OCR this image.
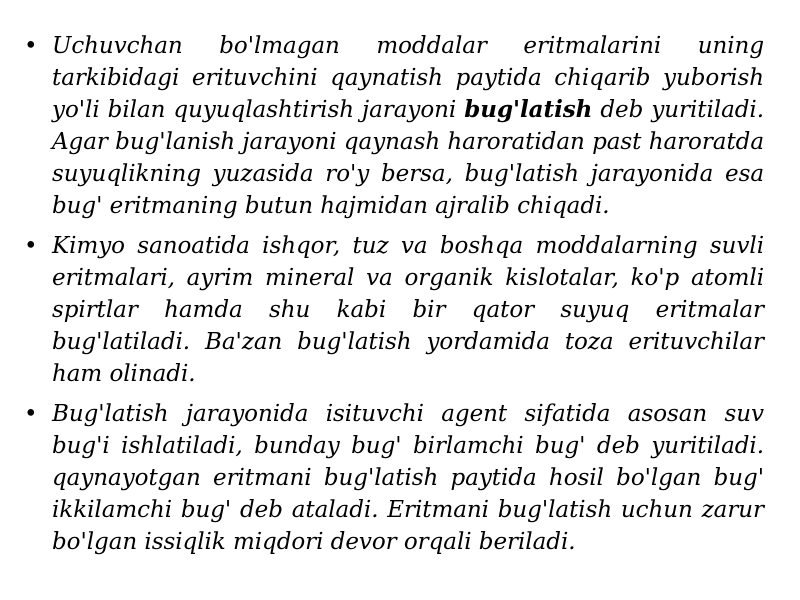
• Uchuvchan bo'lmagan moddalar eritmalarini uning tarkibidagi erituvchini qaynatish paytida chiqarib yuborish yo'li bilan quyuqlashtirish jarayoni bug'latish deb yuritiladi. Agar bug'lanish jarayoni qaynash haroratidan past haroratda suyuqlikning yuzasida ro'y bersa, bug'latish jarayonida esa bug' eritmaning butun hajmidan ajralib chiqadi.

• Kimyo sanoatida ishqor, tuz va boshqa moddalarning suvli eritmalari, ayrim mineral va organik kislotalar, ko'p atomli spirtlar hamda shu kabi bir qator suyuq eritmalar bug'latiladi. Ba'zan bug'latish yordamida toza erituvchilar ham olinadi.

• Bug'latish jarayonida isituvchi agent sifatida asosan suv bug'i ishlatiladi, bunday bug' birlamchi bug' deb yuritiladi. qaynayotgan eritmani bug'latish paytida hosil bo'lgan bug' ikkilamchi bug' deb ataladi. Eritmani bug'latish uchun zarur bo'lgan issiqlik miqdori devor orqali beriladi.
